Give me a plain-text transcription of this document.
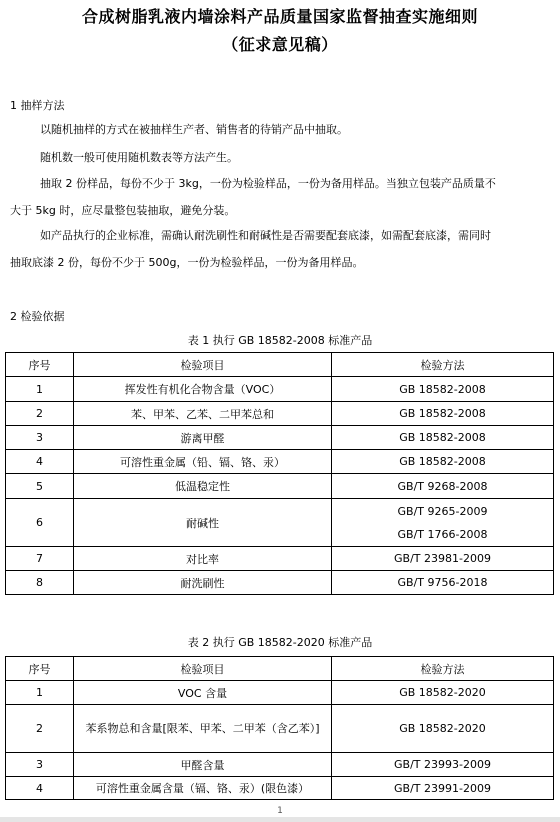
合成树脂乳液内墙涂料产品质量国家监督抽查实施细则
（征求意见稿）
1 抽样方法
以随机抽样的方式在被抽样生产者、销售者的待销产品中抽取。
随机数一般可使用随机数表等方法产生。
抽取 2 份样品，每份不少于 3kg，一份为检验样品，一份为备用样品。当独立包装产品质量不
大于 5kg 时，应尽量整包装抽取，避免分装。
如产品执行的企业标准，需确认耐洗刷性和耐碱性是否需要配套底漆，如需配套底漆，需同时
抽取底漆 2 份，每份不少于 500g，一份为检验样品，一份为备用样品。
2 检验依据
表 1 执行 GB 18582-2008 标准产品
序号	检验项目	检验方法
1	挥发性有机化合物含量（VOC）	GB 18582-2008
2	苯、甲苯、乙苯、二甲苯总和	GB 18582-2008
3	游离甲醛	GB 18582-2008
4	可溶性重金属（铅、镉、铬、汞）	GB 18582-2008
5	低温稳定性	GB/T 9268-2008
6	耐碱性	GB/T 9265-2009
GB/T 1766-2008

7	对比率	GB/T 23981-2009
8	耐洗刷性	GB/T 9756-2018
表 2 执行 GB 18582-2020 标准产品
序号	检验项目	检验方法
1	VOC 含量	GB 18582-2020
2	苯系物总和含量[限苯、甲苯、二甲苯（含乙苯）]	GB 18582-2020
3	甲醛含量	GB/T 23993-2009
4	可溶性重金属含量（镉、铬、汞）(限色漆）	GB/T 23991-2009
1
